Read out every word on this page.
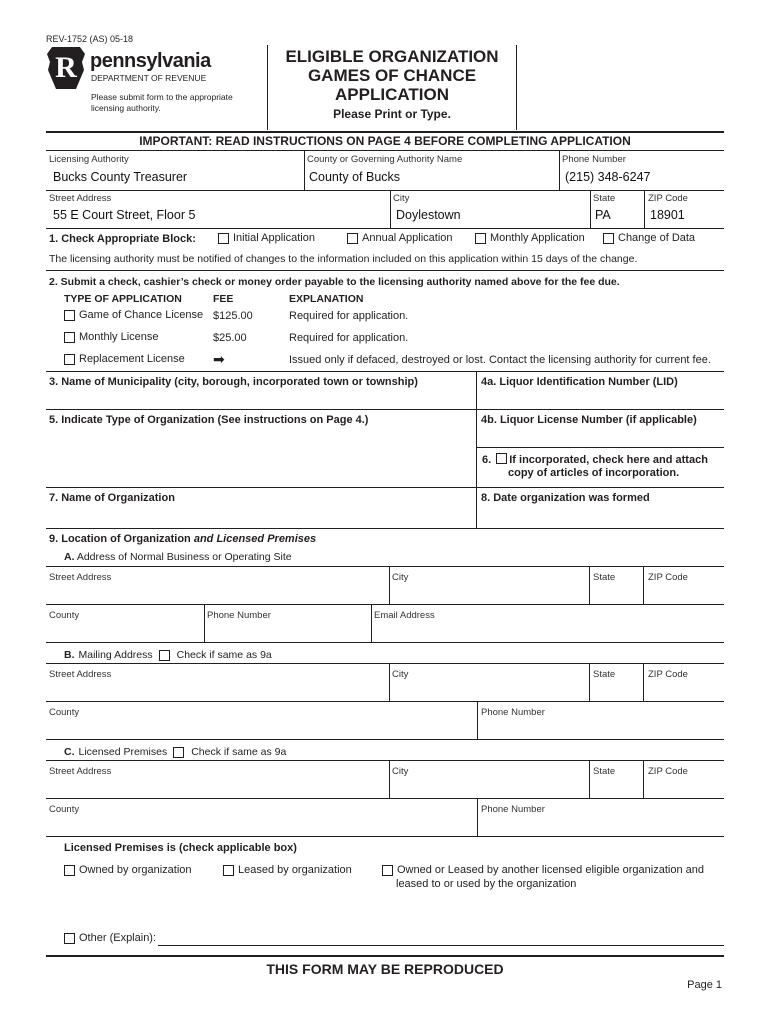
REV-1752 (AS) 05-18
R pennsylvania
DEPARTMENT OF REVENUE
Please submit form to the appropriate
licensing authority.
ELIGIBLE ORGANIZATION
GAMES OF CHANCE
APPLICATION
Please Print or Type.
IMPORTANT: READ INSTRUCTIONS ON PAGE 4 BEFORE COMPLETING APPLICATION
Licensing Authority
Bucks County Treasurer
County or Governing Authority Name
County of Bucks
Phone Number
(215) 348-6247
Street Address
55 E Court Street, Floor 5
City
Doylestown
State
PA
ZIP Code
18901
1. Check Appropriate Block:	Initial Application	Annual Application	Monthly Application	Change of Data
The licensing authority must be notified of changes to the information included on this application within 15 days of the change.
2. Submit a check, cashier’s check or money order payable to the licensing authority named above for the fee due.
TYPE OF APPLICATION	FEE	EXPLANATION
Game of Chance License $125.00	Required for application.
Monthly License	$25.00	Required for application.
Replacement License ➡	Issued only if defaced, destroyed or lost. Contact the licensing authority for current fee.
3. Name of Municipality (city, borough, incorporated town or township)	4a. Liquor Identification Number (LID)
5. Indicate Type of Organization (See instructions on Page 4.)	4b. Liquor License Number (if applicable)
6. If incorporated, check here and attach
copy of articles of incorporation.
7. Name of Organization	8. Date organization was formed
9. Location of Organization and Licensed Premises
A. Address of Normal Business or Operating Site
Street Address	City	State	ZIP Code
County	Phone Number	Email Address
B. Mailing Address Check if same as 9a
Street Address	City	State	ZIP Code
County	Phone Number
C. Licensed Premises Check if same as 9a
Street Address	City	State	ZIP Code
County	Phone Number
Licensed Premises is (check applicable box)
Owned by organization	Leased by organization	Owned or Leased by another licensed eligible organization and
leased to or used by the organization
Other (Explain):
THIS FORM MAY BE REPRODUCED
Page 1
